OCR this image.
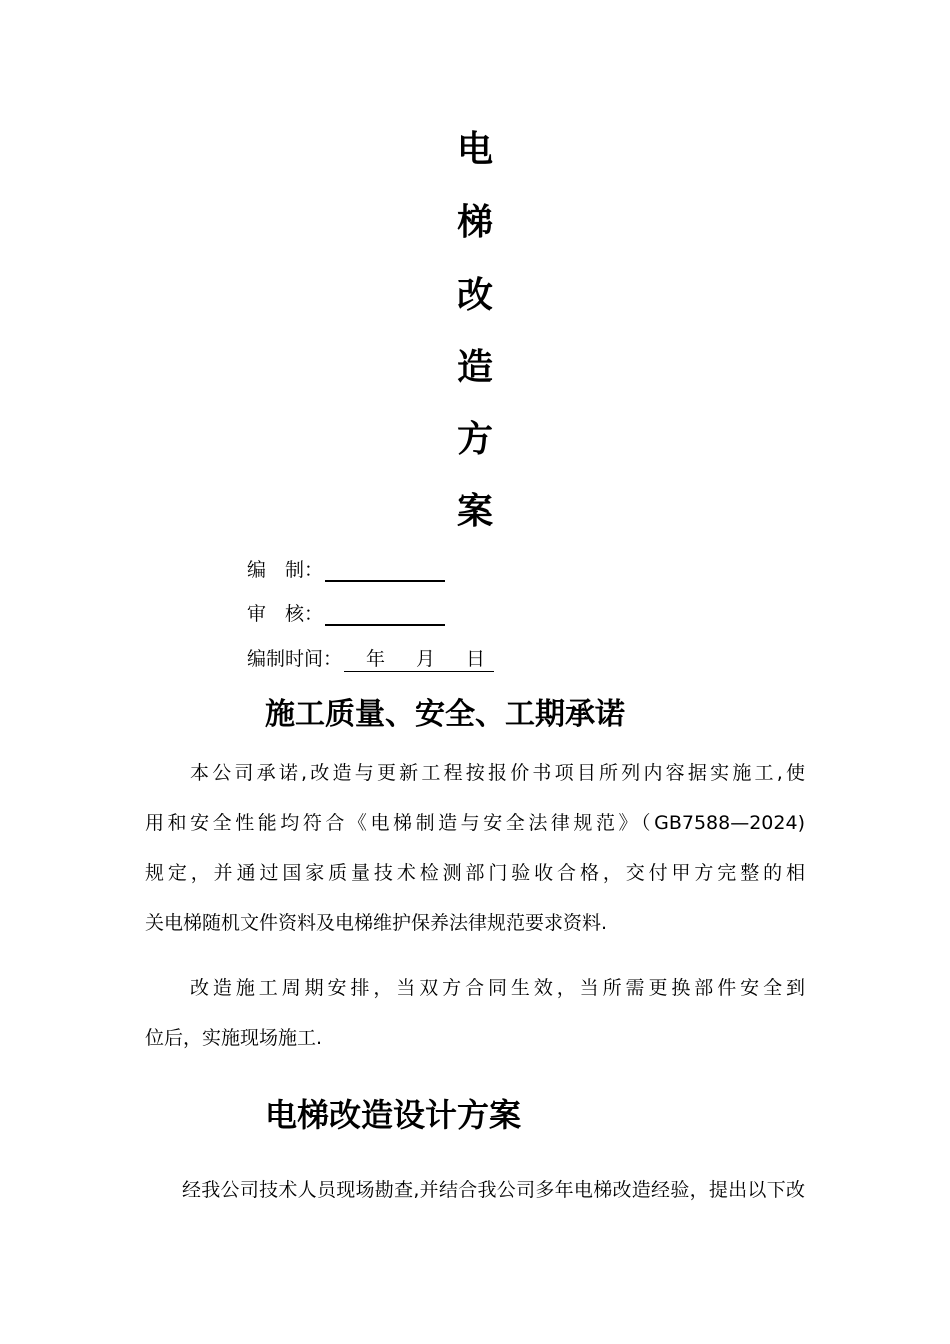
电
梯
改
造
方
案
编　制：
审　核：
编制时间： 年 月 日
施工质量、安全、工期承诺
本公司承诺,改造与更新工程按报价书项目所列内容据实施工,使
用和安全性能均符合《电梯制造与安全法律规范》（GB7588—2024)
规定，并通过国家质量技术检测部门验收合格，交付甲方完整的相
关电梯随机文件资料及电梯维护保养法律规范要求资料.
改造施工周期安排，当双方合同生效，当所需更换部件安全到
位后，实施现场施工.
电梯改造设计方案
经我公司技术人员现场勘查,并结合我公司多年电梯改造经验，提出以下改
